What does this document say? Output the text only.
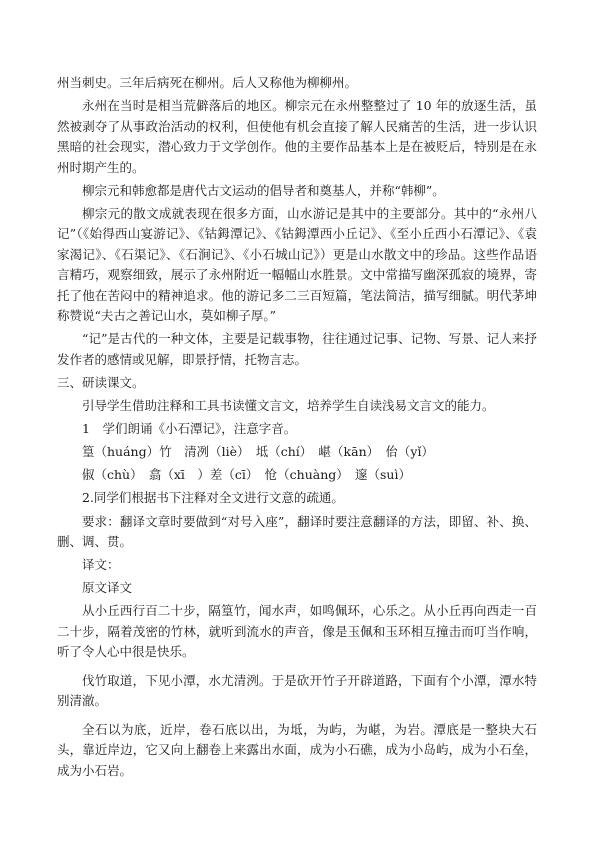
州当刺史。三年后病死在柳州。后人又称他为柳柳州。

永州在当时是相当荒僻落后的地区。柳宗元在永州整整过了 10 年的放逐生活，虽然被剥夺了从事政治活动的权利，但使他有机会直接了解人民痛苦的生活，进一步认识黑暗的社会现实，潜心致力于文学创作。他的主要作品基本上是在被贬后，特别是在永州时期产生的。

柳宗元和韩愈都是唐代古文运动的倡导者和奠基人，并称“韩柳”。

柳宗元的散文成就表现在很多方面，山水游记是其中的主要部分。其中的“永州八记”（《始得西山宴游记》、《钴鉧潭记》、《钴鉧潭西小丘记》、《至小丘西小石潭记》、《袁家渴记》、《石渠记》、《石涧记》、《小石城山记》）更是山水散文中的珍品。这些作品语言精巧，观察细致，展示了永州附近一幅幅山水胜景。文中常描写幽深孤寂的境界，寄托了他在苦闷中的精神追求。他的游记多二三百短篇，笔法简洁，描写细腻。明代茅坤称赞说“夫古之善记山水，莫如柳子厚。”

“记”是古代的一种文体，主要是记载事物，往往通过记事、记物、写景、记人来抒发作者的感情或见解，即景抒情，托物言志。

三、研读课文。

引导学生借助注释和工具书读懂文言文，培养学生自读浅易文言文的能力。

1　学们朗诵《小石潭记》，注意字音。

篁（huáng）竹　清冽（liè）　坻（chí）　嵁（kān）　佁（yǐ）

俶（chù）　翕（xī　）差（cī）　怆（chuàng）　邃（suì）

2.同学们根据书下注释对全文进行文意的疏通。

要求：翻译文章时要做到“对号入座”，翻译时要注意翻译的方法，即留、补、换、删、调、贯。

译文：

原文译文

从小丘西行百二十步，隔篁竹，闻水声，如鸣佩环，心乐之。从小丘再向西走一百二十步，隔着茂密的竹林，就听到流水的声音，像是玉佩和玉环相互撞击而叮当作响，听了令人心中很是快乐。

伐竹取道，下见小潭，水尤清洌。于是砍开竹子开辟道路，下面有个小潭，潭水特别清澈。

全石以为底，近岸，卷石底以出，为坻，为屿，为嵁，为岩。潭底是一整块大石头，靠近岸边，它又向上翻卷上来露出水面，成为小石礁，成为小岛屿，成为小石垒，成为小石岩。
